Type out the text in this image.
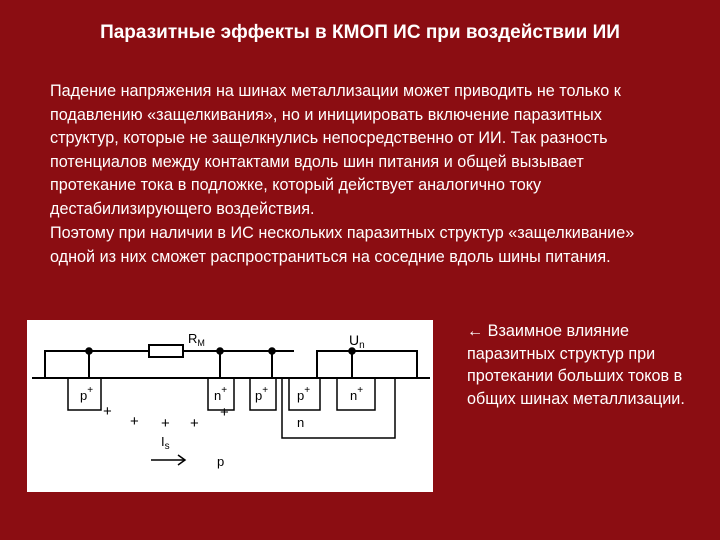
Паразитные эффекты в КМОП ИС при воздействии ИИ

Падение напряжения на шинах металлизации может приводить не только к подавлению «защелкивания», но и инициировать включение паразитных структур, которые не защелкнулись непосредственно от ИИ. Так разность потенциалов между контактами вдоль шин питания и общей вызывает протекание тока в подложке, который действует аналогично току дестабилизирующего воздействия.

Поэтому при наличии в ИС нескольких паразитных структур «защелкивание» одной из них сможет распространиться на соседние вдоль шины питания.

$R_M$	$U_n$
p+	n+ p+ p+	n+
n
p
$I_s$
+
+ + +
+

← Взаимное влияние паразитных структур при протекании больших токов в общих шинах металлизации.
